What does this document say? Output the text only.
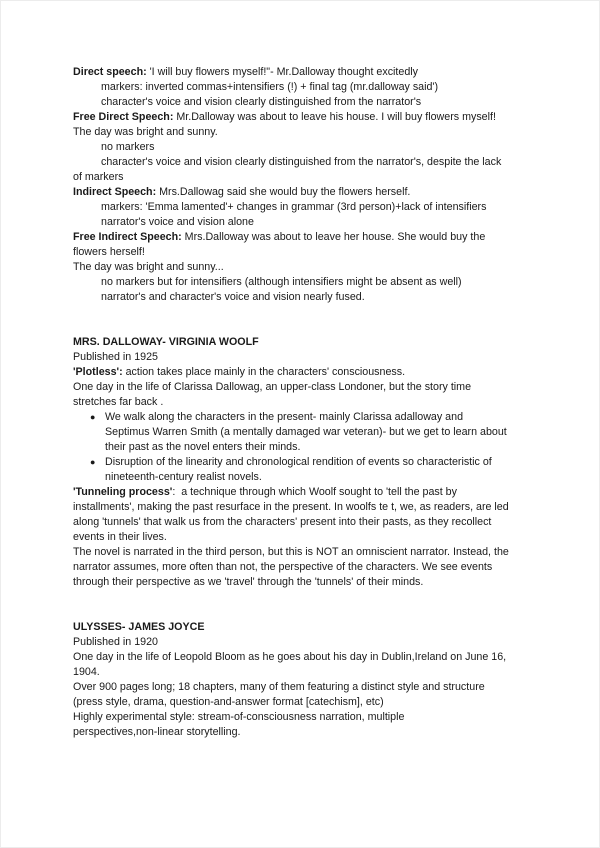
Direct speech: 'I will buy flowers myself!"- Mr.Dalloway thought excitedly
markers: inverted commas+intensifiers (!) + final tag (mr.dalloway said')
character's voice and vision clearly distinguished from the narrator's
Free Direct Speech: Mr.Dalloway was about to leave his house. I will buy flowers myself!
The day was bright and sunny.
no markers
character's voice and vision clearly distinguished from the narrator's, despite the lack
of markers
Indirect Speech: Mrs.Dallowag said she would buy the flowers herself.
markers: 'Emma lamented'+ changes in grammar (3rd person)+lack of intensifiers
narrator's voice and vision alone
Free Indirect Speech: Mrs.Dalloway was about to leave her house. She would buy the
flowers herself!
The day was bright and sunny...
no markers but for intensifiers (although intensifiers might be absent as well)
narrator's and character's voice and vision nearly fused.

MRS. DALLOWAY- VIRGINIA WOOLF
Published in 1925
'Plotless': action takes place mainly in the characters' consciousness.
One day in the life of Clarissa Dallowag, an upper-class Londoner, but the story time
stretches far back .
● We walk along the characters in the present- mainly Clarissa adalloway and
Septimus Warren Smith (a mentally damaged war veteran)- but we get to learn about
their past as the novel enters their minds.
● Disruption of the linearity and chronological rendition of events so characteristic of
nineteenth-century realist novels.
'Tunneling process':  a technique through which Woolf sought to 'tell the past by
installments', making the past resurface in the present. In woolfs te t, we, as readers, are led
along 'tunnels' that walk us from the characters' present into their pasts, as they recollect
events in their lives.
The novel is narrated in the third person, but this is NOT an omniscient narrator. Instead, the
narrator assumes, more often than not, the perspective of the characters. We see events
through their perspective as we 'travel' through the 'tunnels' of their minds.

ULYSSES- JAMES JOYCE
Published in 1920
One day in the life of Leopold Bloom as he goes about his day in Dublin,Ireland on June 16,
1904.
Over 900 pages long; 18 chapters, many of them featuring a distinct style and structure
(press style, drama, question-and-answer format [catechism], etc)
Highly experimental style: stream-of-consciousness narration, multiple
perspectives,non-linear storytelling.
